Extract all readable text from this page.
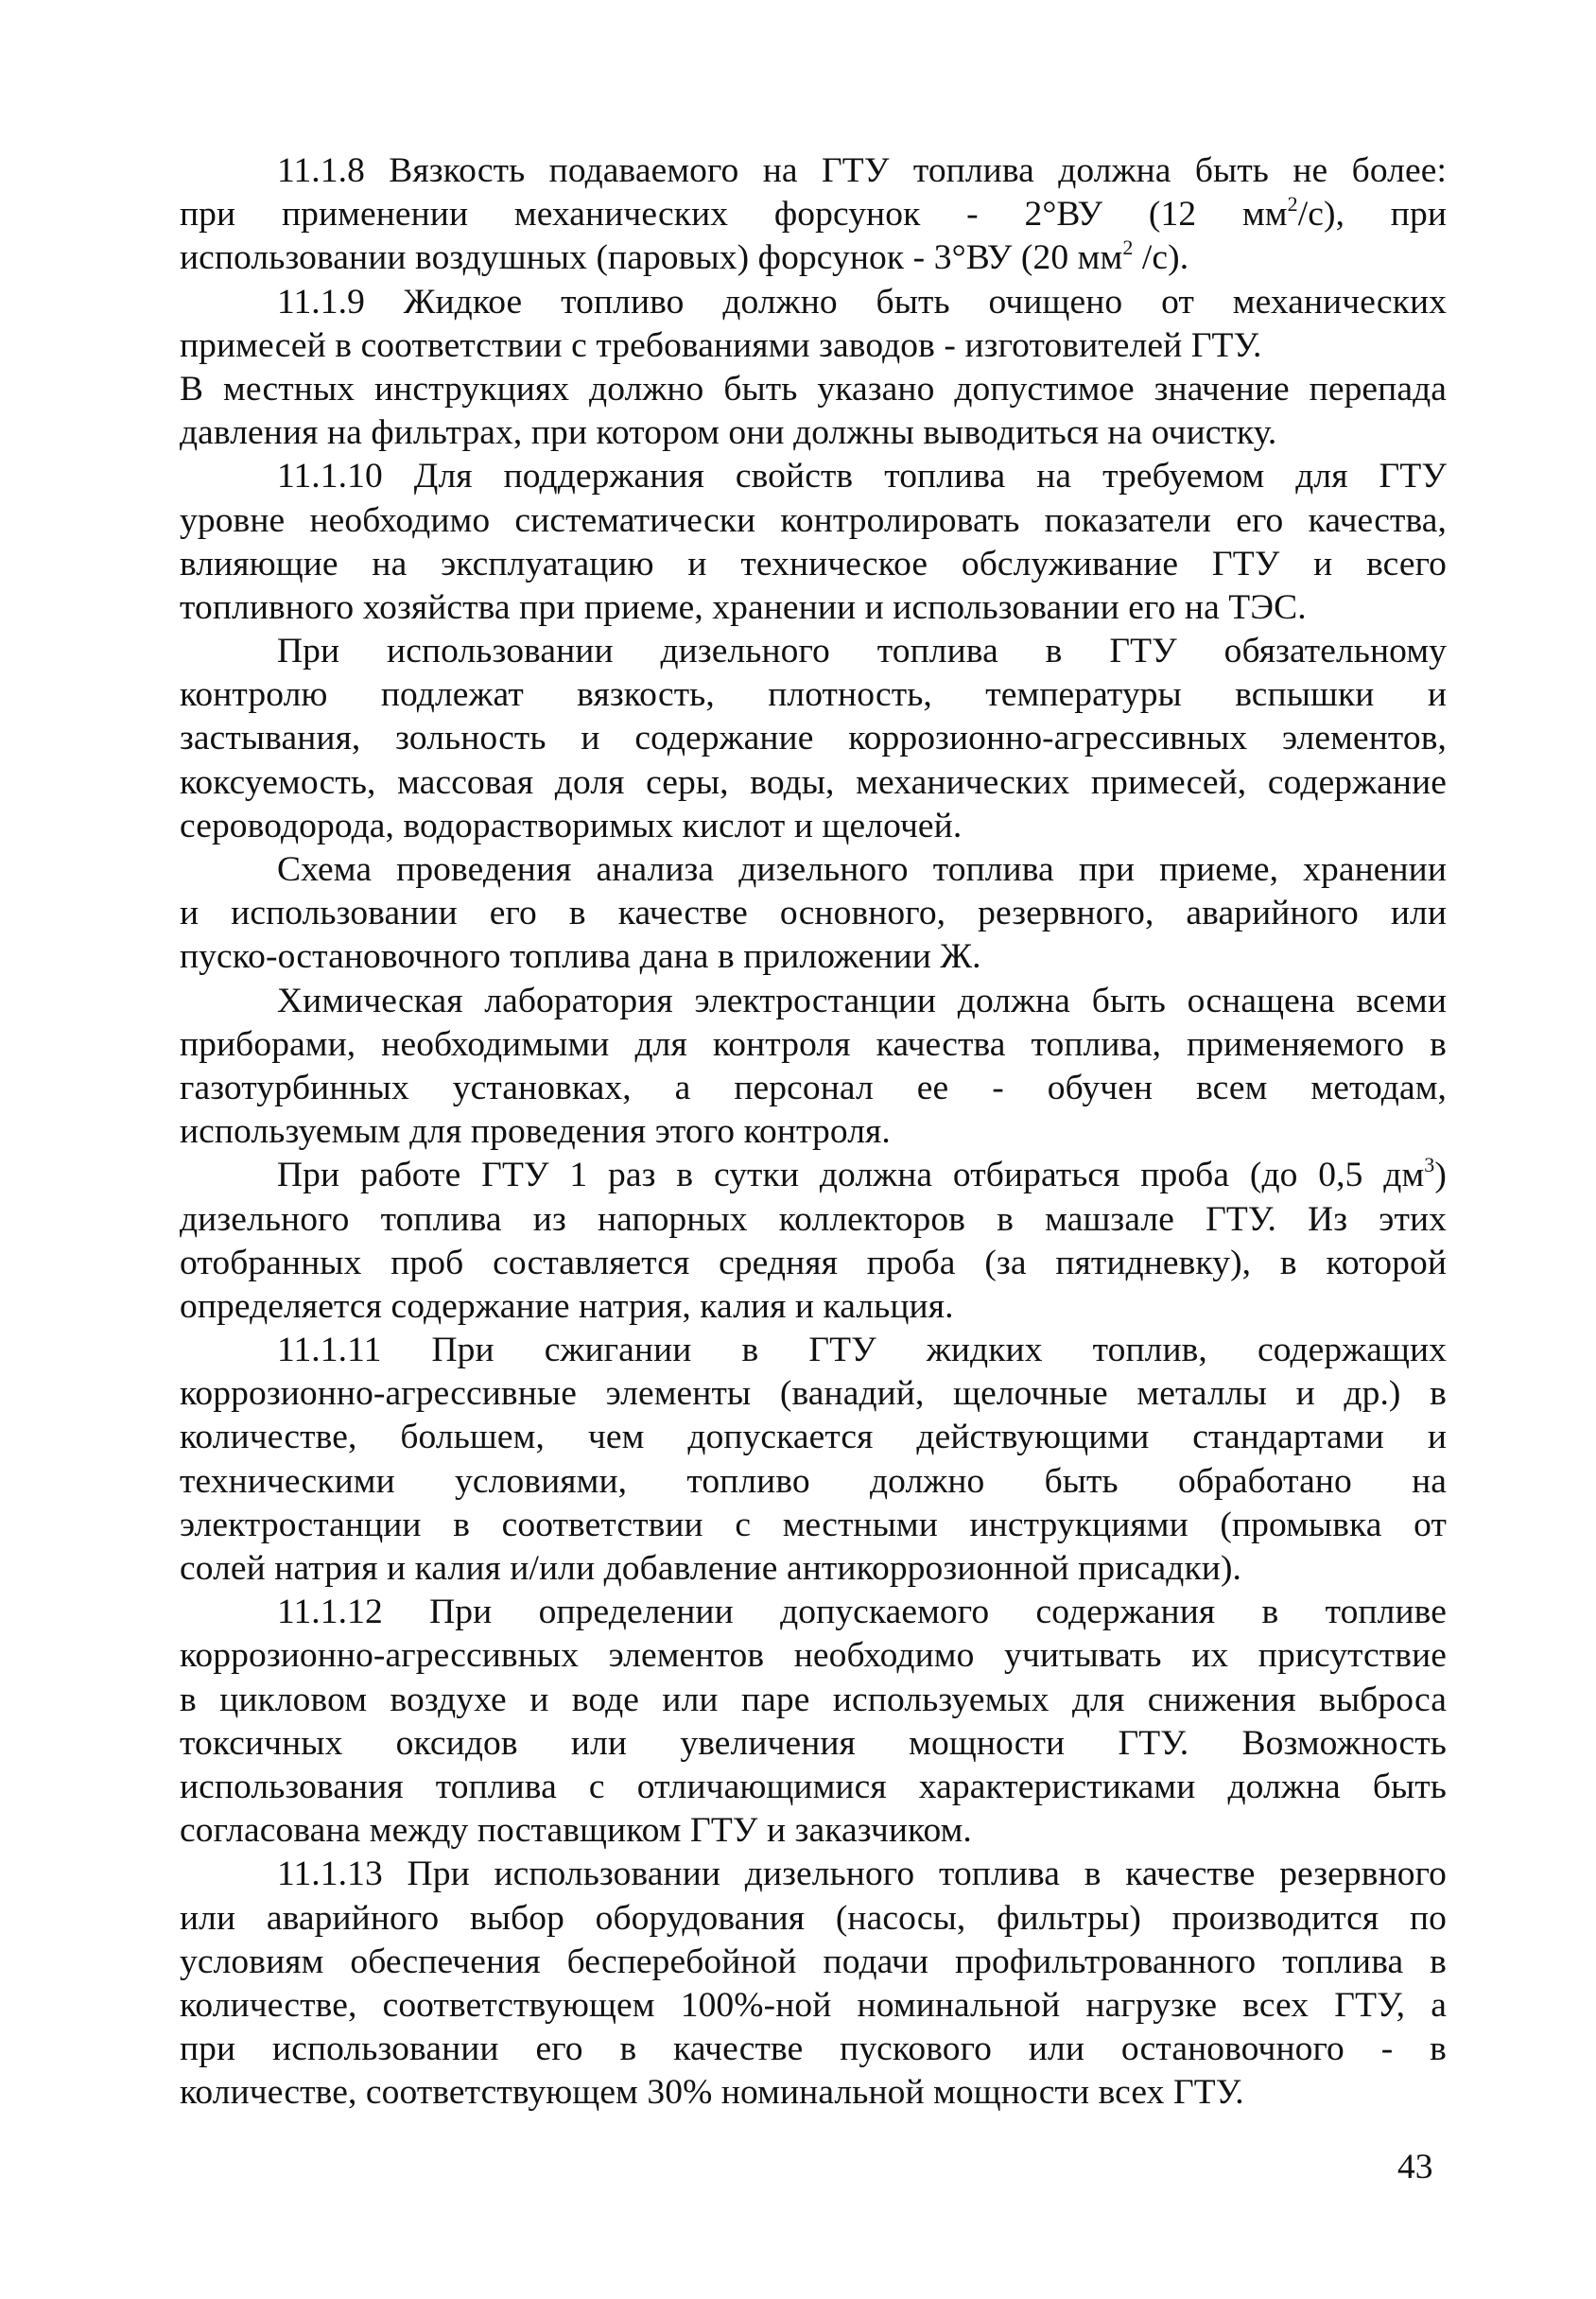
11.1.8 Вязкость подаваемого на ГТУ топлива должна быть не более:
при применении механических форсунок - 2°ВУ (12 $мм^2/с$), при
использовании воздушных (паровых) форсунок - 3°ВУ (20 $мм^2$ /с).
11.1.9 Жидкое топливо должно быть очищено от механических
примесей в соответствии с требованиями заводов - изготовителей ГТУ.
В местных инструкциях должно быть указано допустимое значение перепада
давления на фильтрах, при котором они должны выводиться на очистку.
11.1.10 Для поддержания свойств топлива на требуемом для ГТУ
уровне необходимо систематически контролировать показатели его качества,
влияющие на эксплуатацию и техническое обслуживание ГТУ и всего
топливного хозяйства при приеме, хранении и использовании его на ТЭС.
При использовании дизельного топлива в ГТУ обязательному
контролю подлежат вязкость, плотность, температуры вспышки и
застывания, зольность и содержание коррозионно-агрессивных элементов,
коксуемость, массовая доля серы, воды, механических примесей, содержание
сероводорода, водорастворимых кислот и щелочей.
Схема проведения анализа дизельного топлива при приеме, хранении
и использовании его в качестве основного, резервного, аварийного или
пуско-остановочного топлива дана в приложении Ж.
Химическая лаборатория электростанции должна быть оснащена всеми
приборами, необходимыми для контроля качества топлива, применяемого в
газотурбинных установках, а персонал ее - обучен всем методам,
используемым для проведения этого контроля.
При работе ГТУ 1 раз в сутки должна отбираться проба (до 0,5 $дм^3$)
дизельного топлива из напорных коллекторов в машзале ГТУ. Из этих
отобранных проб составляется средняя проба (за пятидневку), в которой
определяется содержание натрия, калия и кальция.
11.1.11 При сжигании в ГТУ жидких топлив, содержащих
коррозионно-агрессивные элементы (ванадий, щелочные металлы и др.) в
количестве, большем, чем допускается действующими стандартами и
техническими условиями, топливо должно быть обработано на
электростанции в соответствии с местными инструкциями (промывка от
солей натрия и калия и/или добавление антикоррозионной присадки).
11.1.12 При определении допускаемого содержания в топливе
коррозионно-агрессивных элементов необходимо учитывать их присутствие
в цикловом воздухе и воде или паре используемых для снижения выброса
токсичных оксидов или увеличения мощности ГТУ. Возможность
использования топлива с отличающимися характеристиками должна быть
согласована между поставщиком ГТУ и заказчиком.
11.1.13 При использовании дизельного топлива в качестве резервного
или аварийного выбор оборудования (насосы, фильтры) производится по
условиям обеспечения бесперебойной подачи профильтрованного топлива в
количестве, соответствующем 100%-ной номинальной нагрузке всех ГТУ, а
при использовании его в качестве пускового или остановочного - в
количестве, соответствующем 30% номинальной мощности всех ГТУ.
43
